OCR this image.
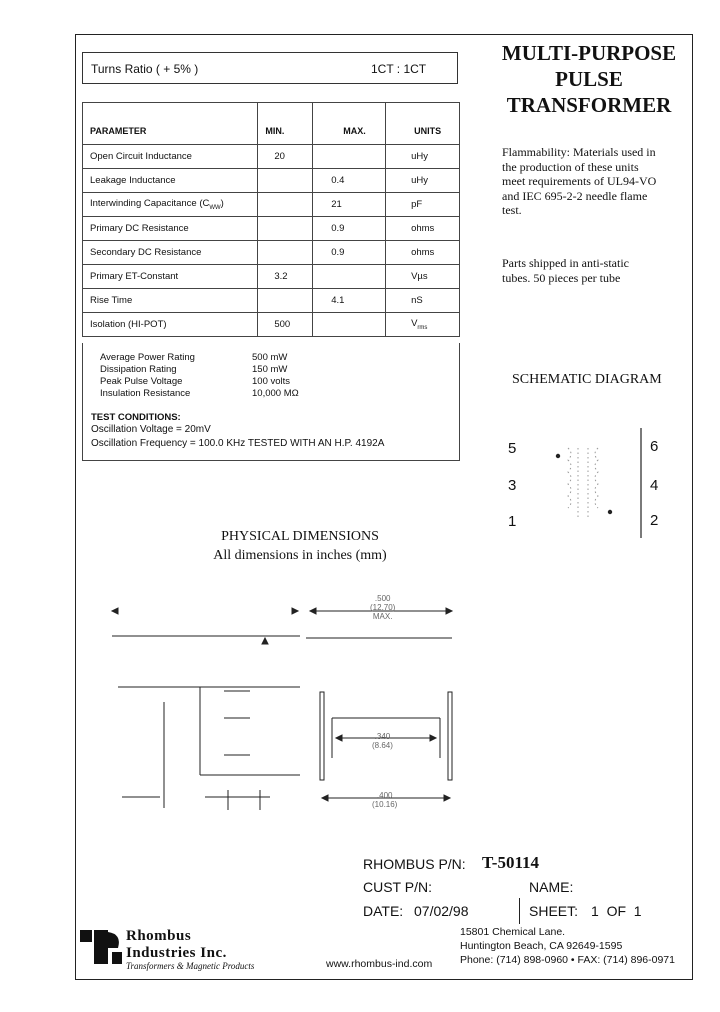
Turns Ratio ( + 5% )	1CT : 1CT
PARAMETER	MIN.	MAX.	UNITS
Open Circuit Inductance	20		uHy
Leakage Inductance		0.4	uHy
Interwinding Capacitance $(C_{WW})$		21	pF
Primary DC Resistance		0.9	ohms
Secondary DC Resistance		0.9	ohms
Primary ET-Constant	3.2		Vµs
Rise Time		4.1	nS
Isolation (HI-POT)	500		$V_{rms}$
Average Power Rating	500 mW
Dissipation Rating	150 mW
Peak Pulse Voltage	100 volts
Insulation Resistance	10,000 MΩ
TEST CONDITIONS:
Oscillation Voltage = 20mV
Oscillation Frequency = 100.0 KHz TESTED WITH AN H.P. 4192A
MULTI-PURPOSE
PULSE
TRANSFORMER
Flammability: Materials used in
the production of these units
meet requirements of UL94-VO
and IEC 695-2-2 needle flame
test.
Parts shipped in anti-static
tubes. 50 pieces per tube
SCHEMATIC DIAGRAM
5
3
1
6
4
2
PHYSICAL DIMENSIONS
All dimensions in inches (mm)
.500
(12.70)
MAX.
.340
(8.64)
.400
(10.16)
RHOMBUS P/N: T-50114
CUST P/N:	NAME:
DATE: 07/02/98	SHEET: 1  OF  1
Rhombus
Industries Inc.
Transformers & Magnetic Products	www.rhombus-ind.com
15801 Chemical Lane.
Huntington Beach, CA 92649-1595
Phone: (714) 898-0960 • FAX: (714) 896-0971
